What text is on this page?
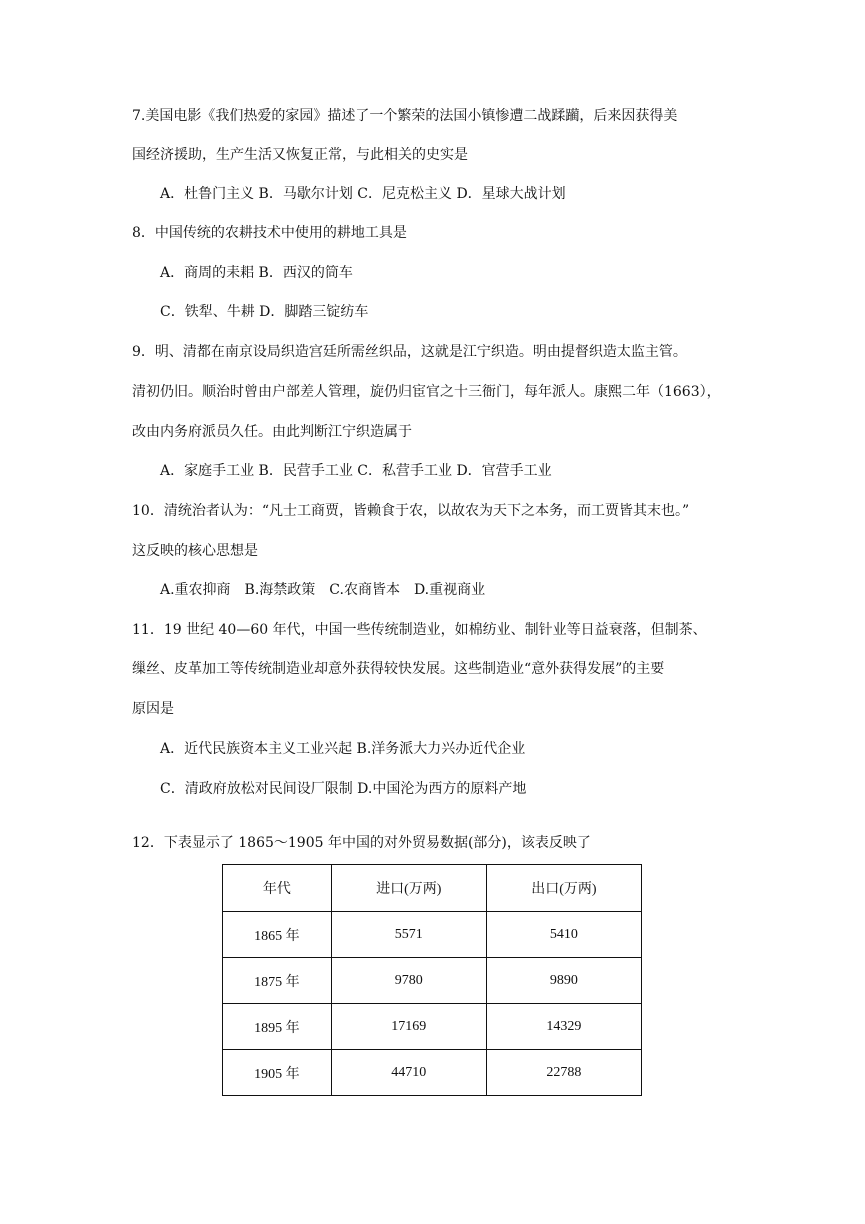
7.美国电影《我们热爱的家园》描述了一个繁荣的法国小镇惨遭二战蹂躏，后来因获得美
国经济援助，生产生活又恢复正常，与此相关的史实是
A．杜鲁门主义 B．马歇尔计划 C．尼克松主义 D．星球大战计划
8．中国传统的农耕技术中使用的耕地工具是
A．商周的耒耜 B．西汉的筒车
C．铁犁、牛耕 D．脚踏三锭纺车
9．明、清都在南京设局织造宫廷所需丝织品，这就是江宁织造。明由提督织造太监主管。
清初仍旧。顺治时曾由户部差人管理，旋仍归宦官之十三衙门，每年派人。康熙二年（1663），
改由内务府派员久任。由此判断江宁织造属于
A．家庭手工业 B．民营手工业 C．私营手工业 D．官营手工业
10．清统治者认为：“凡士工商贾，皆赖食于农，以故农为天下之本务，而工贾皆其末也。”
这反映的核心思想是
A.重农抑商　B.海禁政策　C.农商皆本　D.重视商业
11．19 世纪 40—60 年代，中国一些传统制造业，如棉纺业、制针业等日益衰落，但制茶、
缫丝、皮革加工等传统制造业却意外获得较快发展。这些制造业“意外获得发展”的主要
原因是
A．近代民族资本主义工业兴起 B.洋务派大力兴办近代企业
C．清政府放松对民间设厂限制 D.中国沦为西方的原料产地
12．下表显示了 1865～1905 年中国的对外贸易数据(部分)，该表反映了
年代	进口(万两)	出口(万两)
1865 年	5571	5410
1875 年	9780	9890
1895 年	17169	14329
1905 年	44710	22788
